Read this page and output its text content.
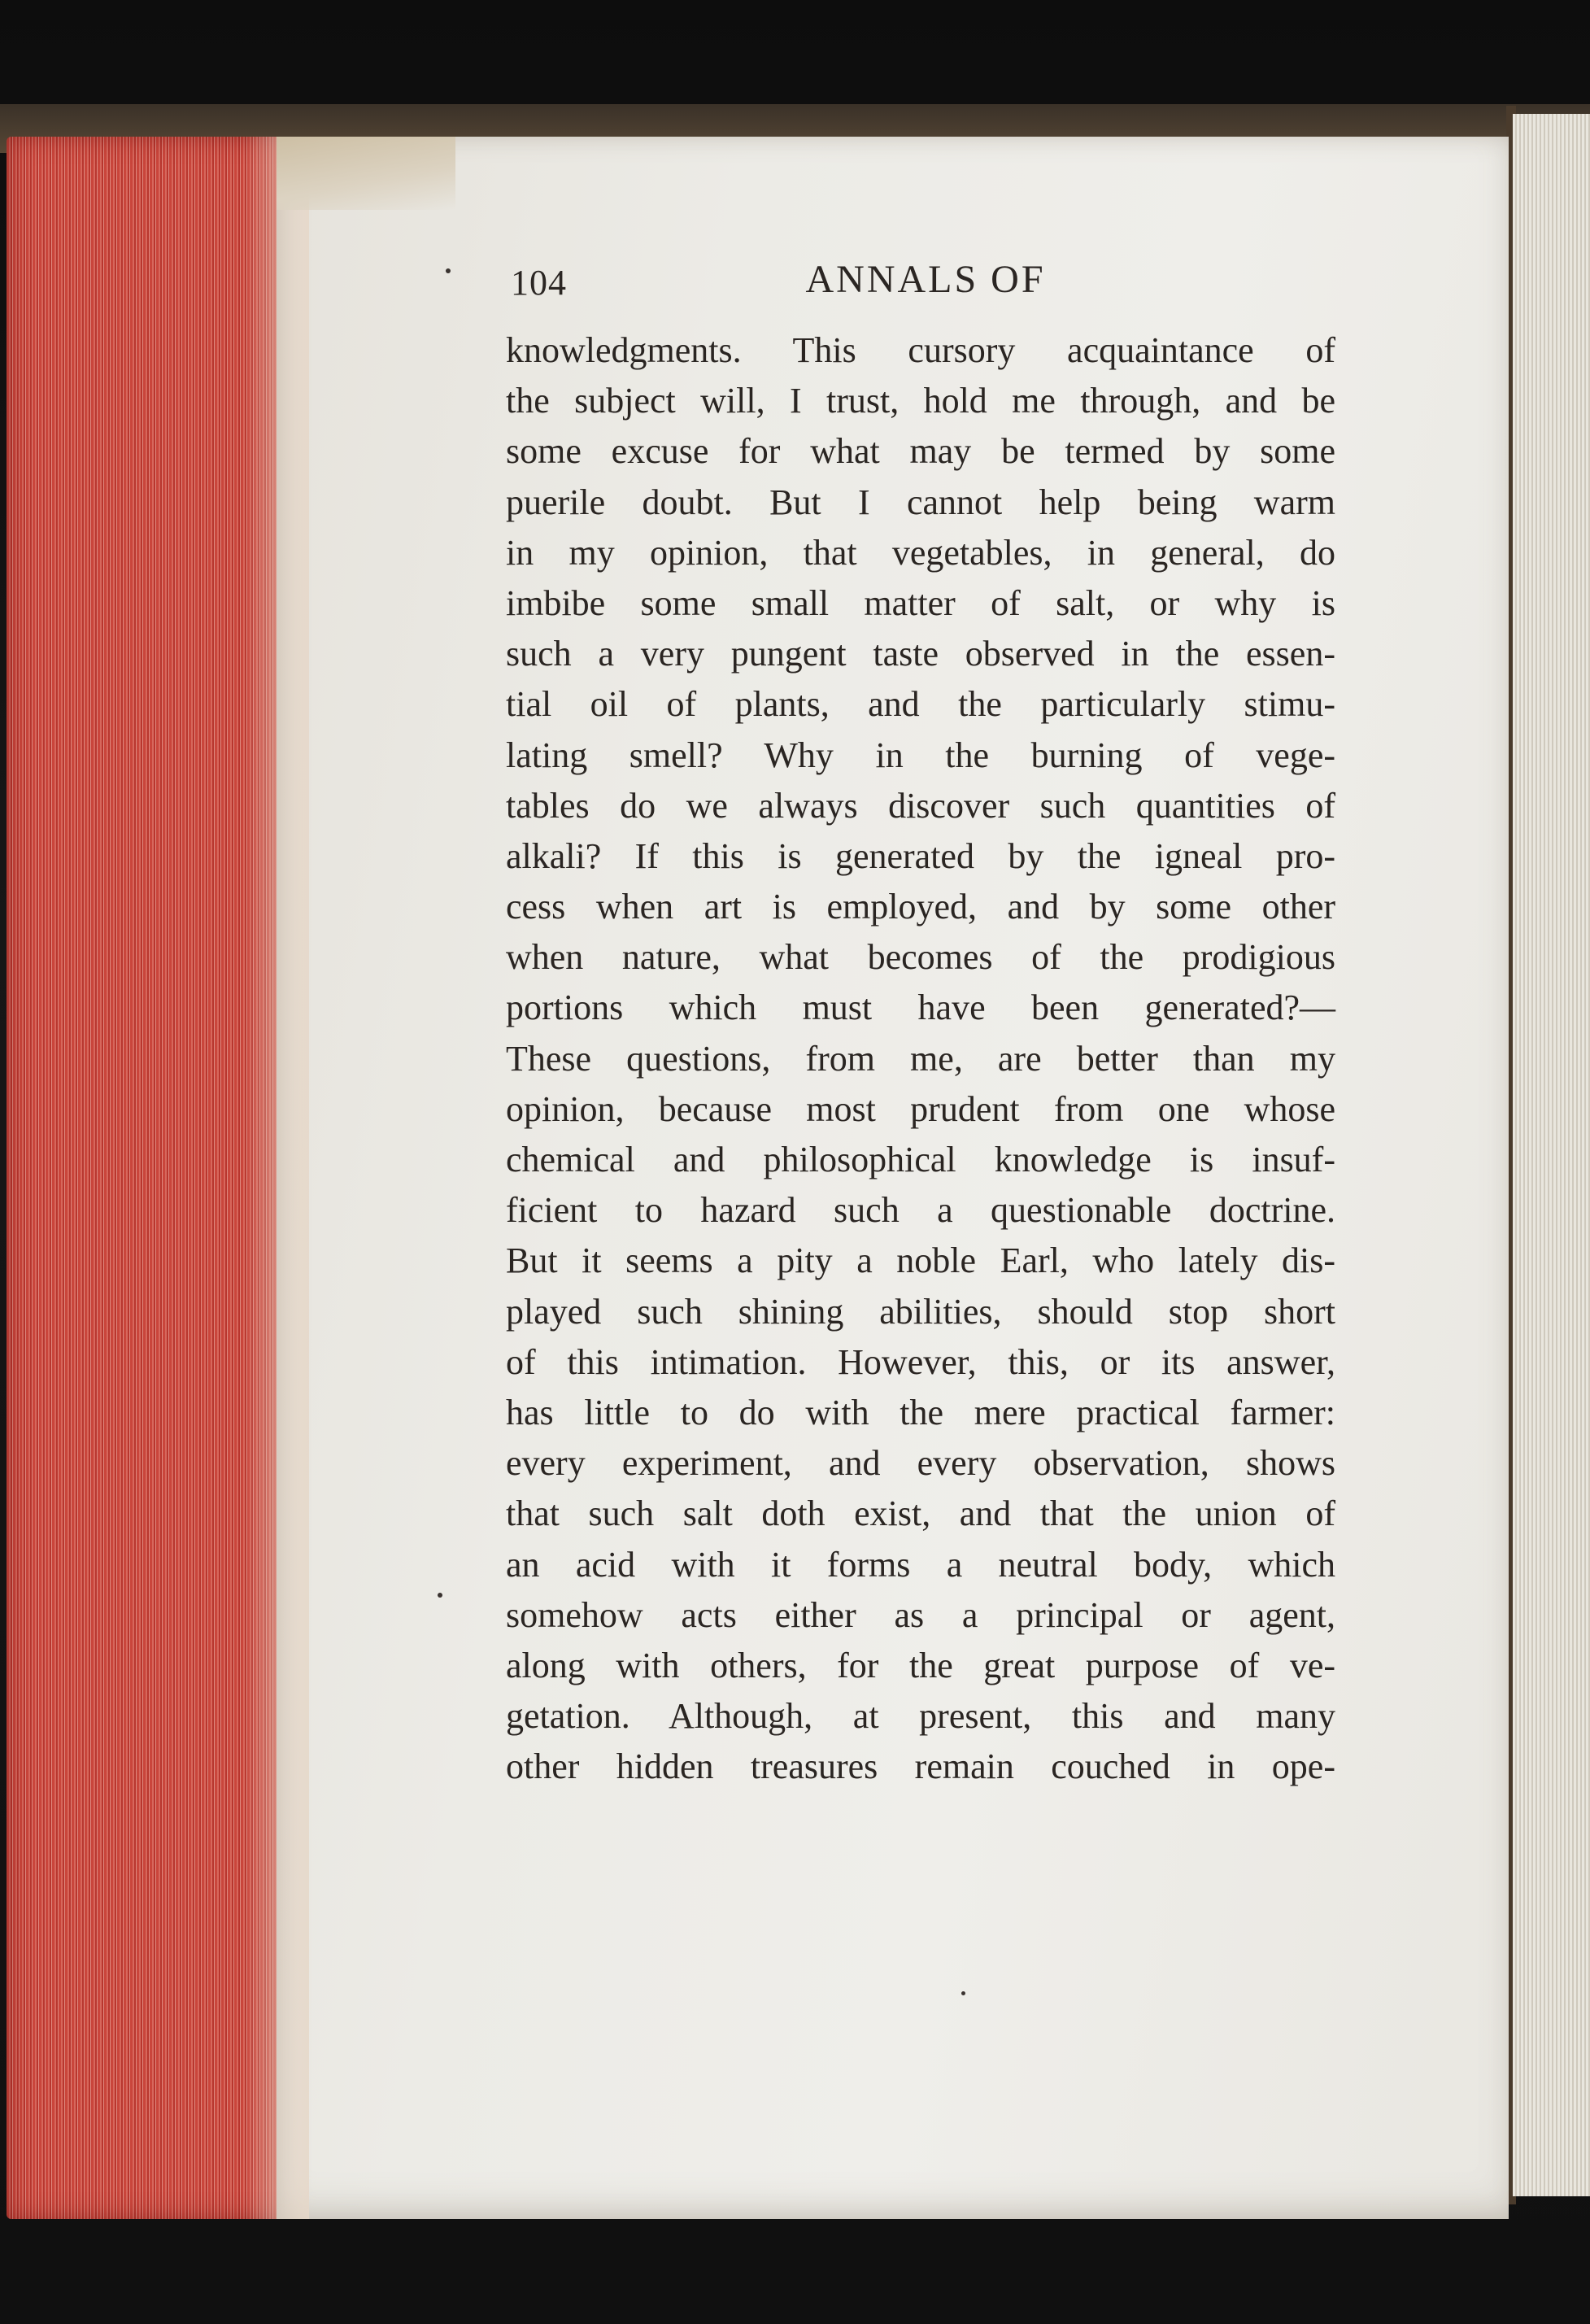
104	ANNALS OF
knowledgments. This cursory acquaintance of
the subject will, I trust, hold me through, and be
some excuse for what may be termed by some
puerile doubt. But I cannot help being warm
in my opinion, that vegetables, in general, do
imbibe some small matter of salt, or why is
such a very pungent taste observed in the essen-
tial oil of plants, and the particularly stimu-
lating smell? Why in the burning of vege-
tables do we always discover such quantities of
alkali? If this is generated by the igneal pro-
cess when art is employed, and by some other
when nature, what becomes of the prodigious
portions which must have been generated?—
These questions, from me, are better than my
opinion, because most prudent from one whose
chemical and philosophical knowledge is insuf-
ficient to hazard such a questionable doctrine.
But it seems a pity a noble Earl, who lately dis-
played such shining abilities, should stop short
of this intimation. However, this, or its answer,
has little to do with the mere practical farmer:
every experiment, and every observation, shows
that such salt doth exist, and that the union of
an acid with it forms a neutral body, which
somehow acts either as a principal or agent,
along with others, for the great purpose of ve-
getation. Although, at present, this and many
other hidden treasures remain couched in ope-
